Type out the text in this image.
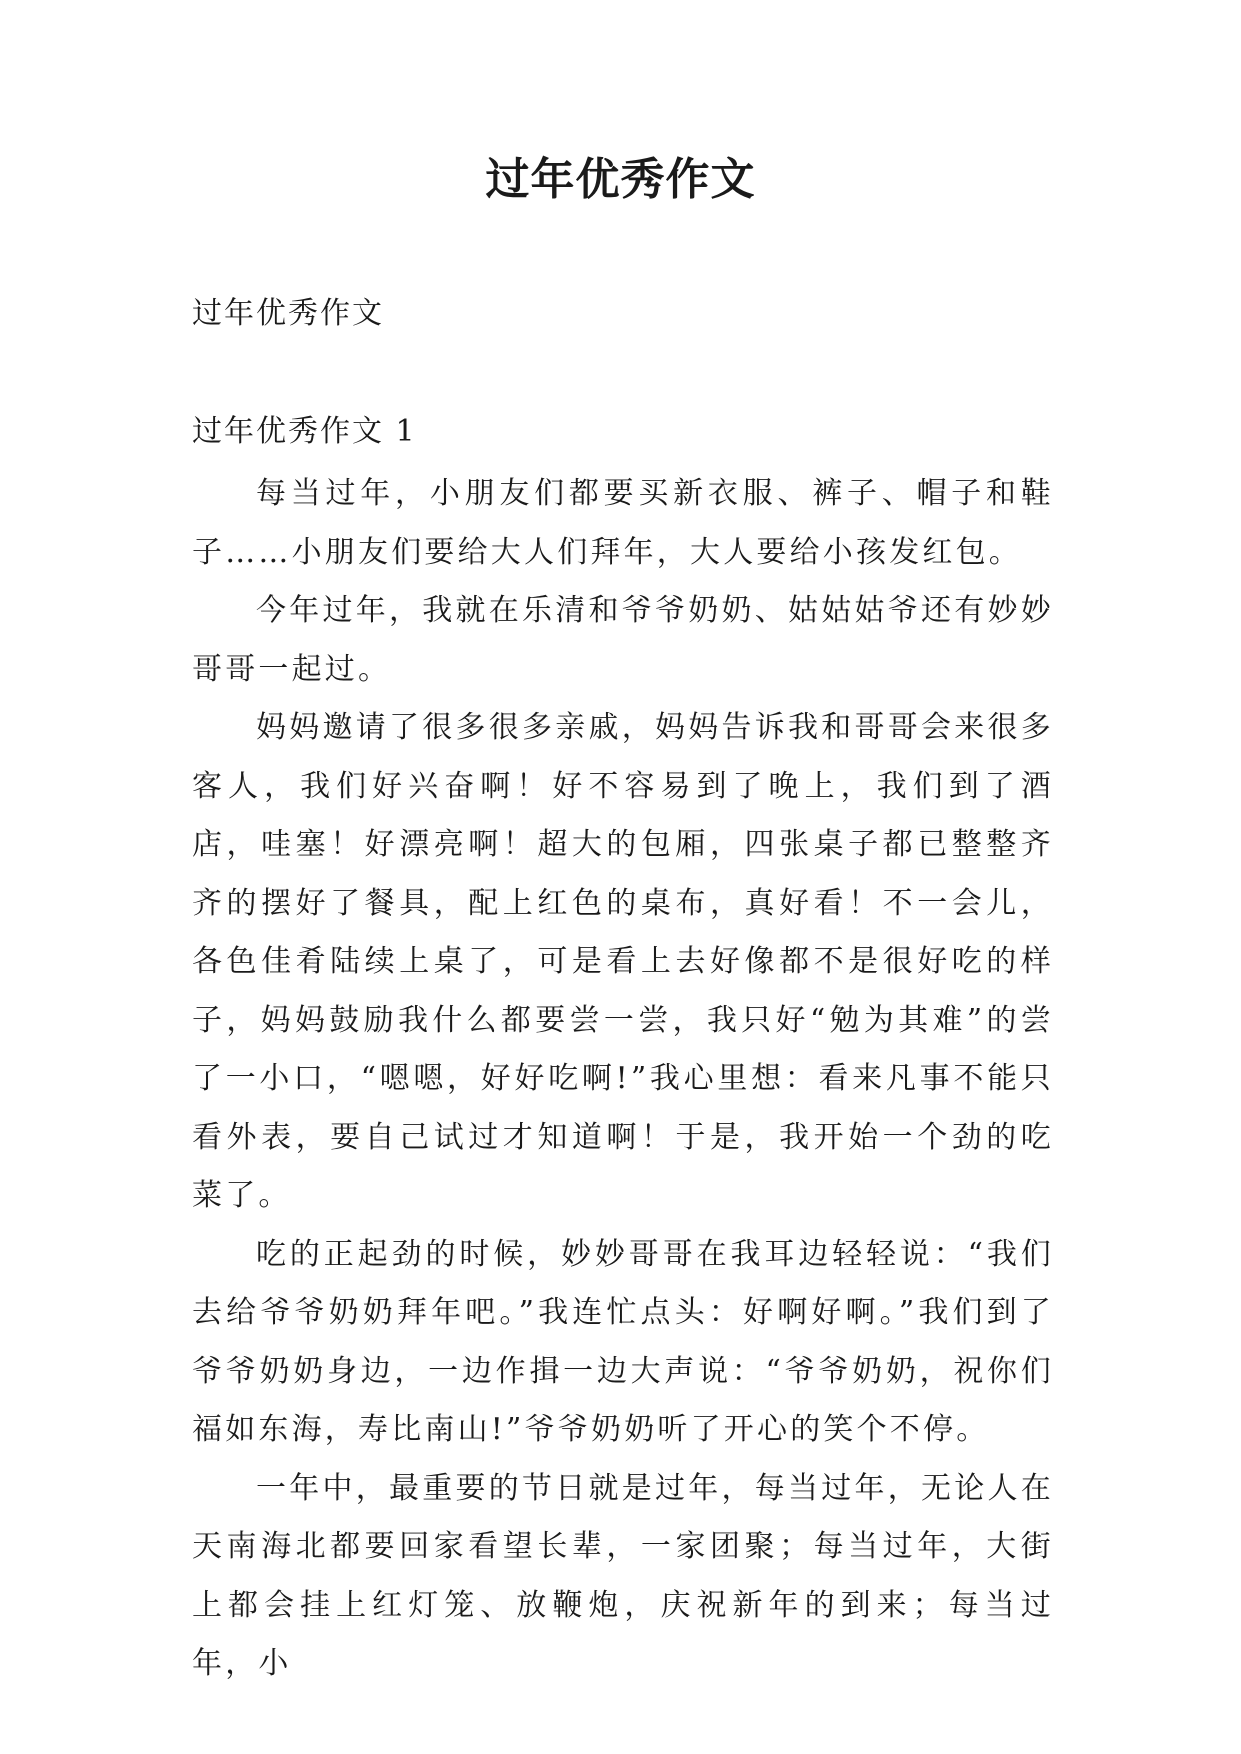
过年优秀作文

过年优秀作文

过年优秀作文 1

每当过年，小朋友们都要买新衣服、裤子、帽子和鞋子……小朋友们要给大人们拜年，大人要给小孩发红包。

今年过年，我就在乐清和爷爷奶奶、姑姑姑爷还有妙妙哥哥一起过。

妈妈邀请了很多很多亲戚，妈妈告诉我和哥哥会来很多客人，我们好兴奋啊！好不容易到了晚上，我们到了酒店，哇塞！好漂亮啊！超大的包厢，四张桌子都已整整齐齐的摆好了餐具，配上红色的桌布，真好看！不一会儿，各色佳肴陆续上桌了，可是看上去好像都不是很好吃的样子，妈妈鼓励我什么都要尝一尝，我只好“勉为其难”的尝了一小口，“嗯嗯，好好吃啊!”我心里想：看来凡事不能只看外表，要自己试过才知道啊！于是，我开始一个劲的吃菜了。

吃的正起劲的时候，妙妙哥哥在我耳边轻轻说：“我们去给爷爷奶奶拜年吧。”我连忙点头：好啊好啊。”我们到了爷爷奶奶身边，一边作揖一边大声说：“爷爷奶奶，祝你们福如东海，寿比南山!”爷爷奶奶听了开心的笑个不停。

一年中，最重要的节日就是过年，每当过年，无论人在天南海北都要回家看望长辈，一家团聚；每当过年，大街上都会挂上红灯笼、放鞭炮，庆祝新年的到来；每当过年，小
